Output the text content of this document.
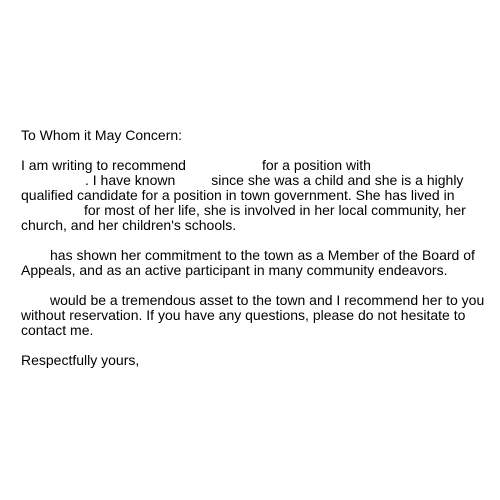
To Whom it May Concern:

I am writing to recommend	for a position with
. I have known	since she was a child and she is a highly
qualified candidate for a position in town government. She has lived in
for most of her life, she is involved in her local community, her
church, and her children's schools.

has shown her commitment to the town as a Member of the Board of
Appeals, and as an active participant in many community endeavors.

would be a tremendous asset to the town and I recommend her to you
without reservation. If you have any questions, please do not hesitate to
contact me.

Respectfully yours,
